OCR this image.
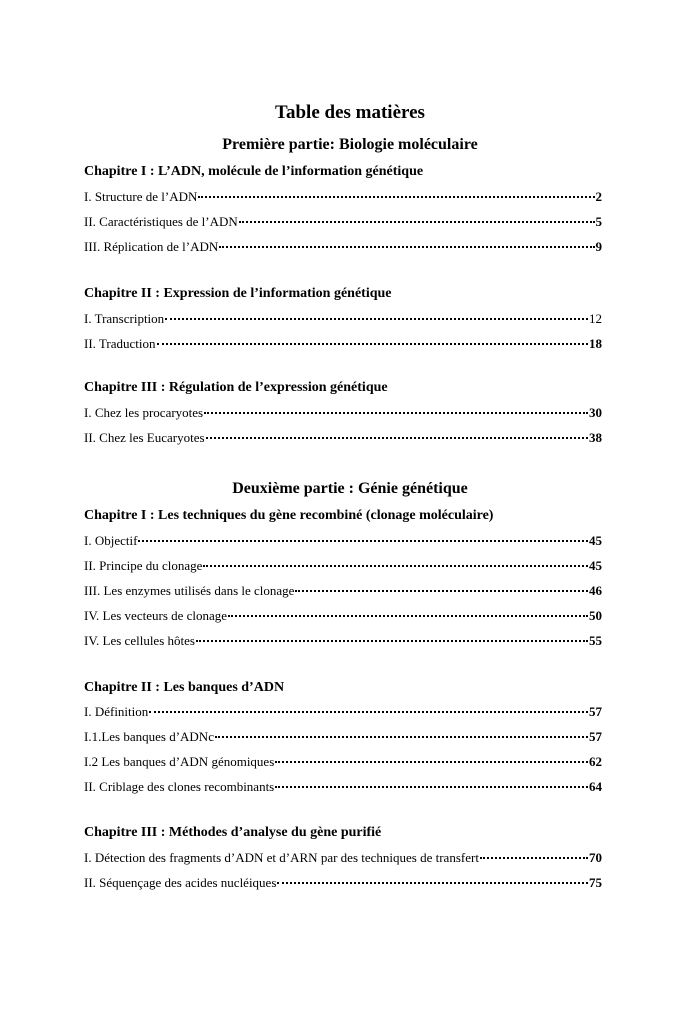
Table des matières
Première partie: Biologie moléculaire
Chapitre I : L’ADN, molécule de l’information génétique
I. Structure de l’ADN	2
II. Caractéristiques de l’ADN	5
III. Réplication de l’ADN	9
Chapitre II : Expression de l’information génétique
I. Transcription	12
II. Traduction	18
Chapitre III : Régulation de l’expression génétique
I. Chez les procaryotes	30
II. Chez les Eucaryotes	38
Deuxième partie : Génie génétique
Chapitre I : Les techniques du gène recombiné (clonage moléculaire)
I. Objectif	45
II. Principe du clonage	45
III. Les enzymes utilisés dans le clonage	46
IV. Les vecteurs de clonage	50
IV. Les cellules hôtes	55
Chapitre II : Les banques d’ADN
I. Définition	57
I.1.Les banques d’ADNc	57
I.2 Les banques d’ADN génomiques	62
II. Criblage des clones recombinants	64
Chapitre III : Méthodes d’analyse du gène purifié
I. Détection des fragments d’ADN et d’ARN par des techniques de transfert	70
II. Séquençage des acides nucléiques	75
